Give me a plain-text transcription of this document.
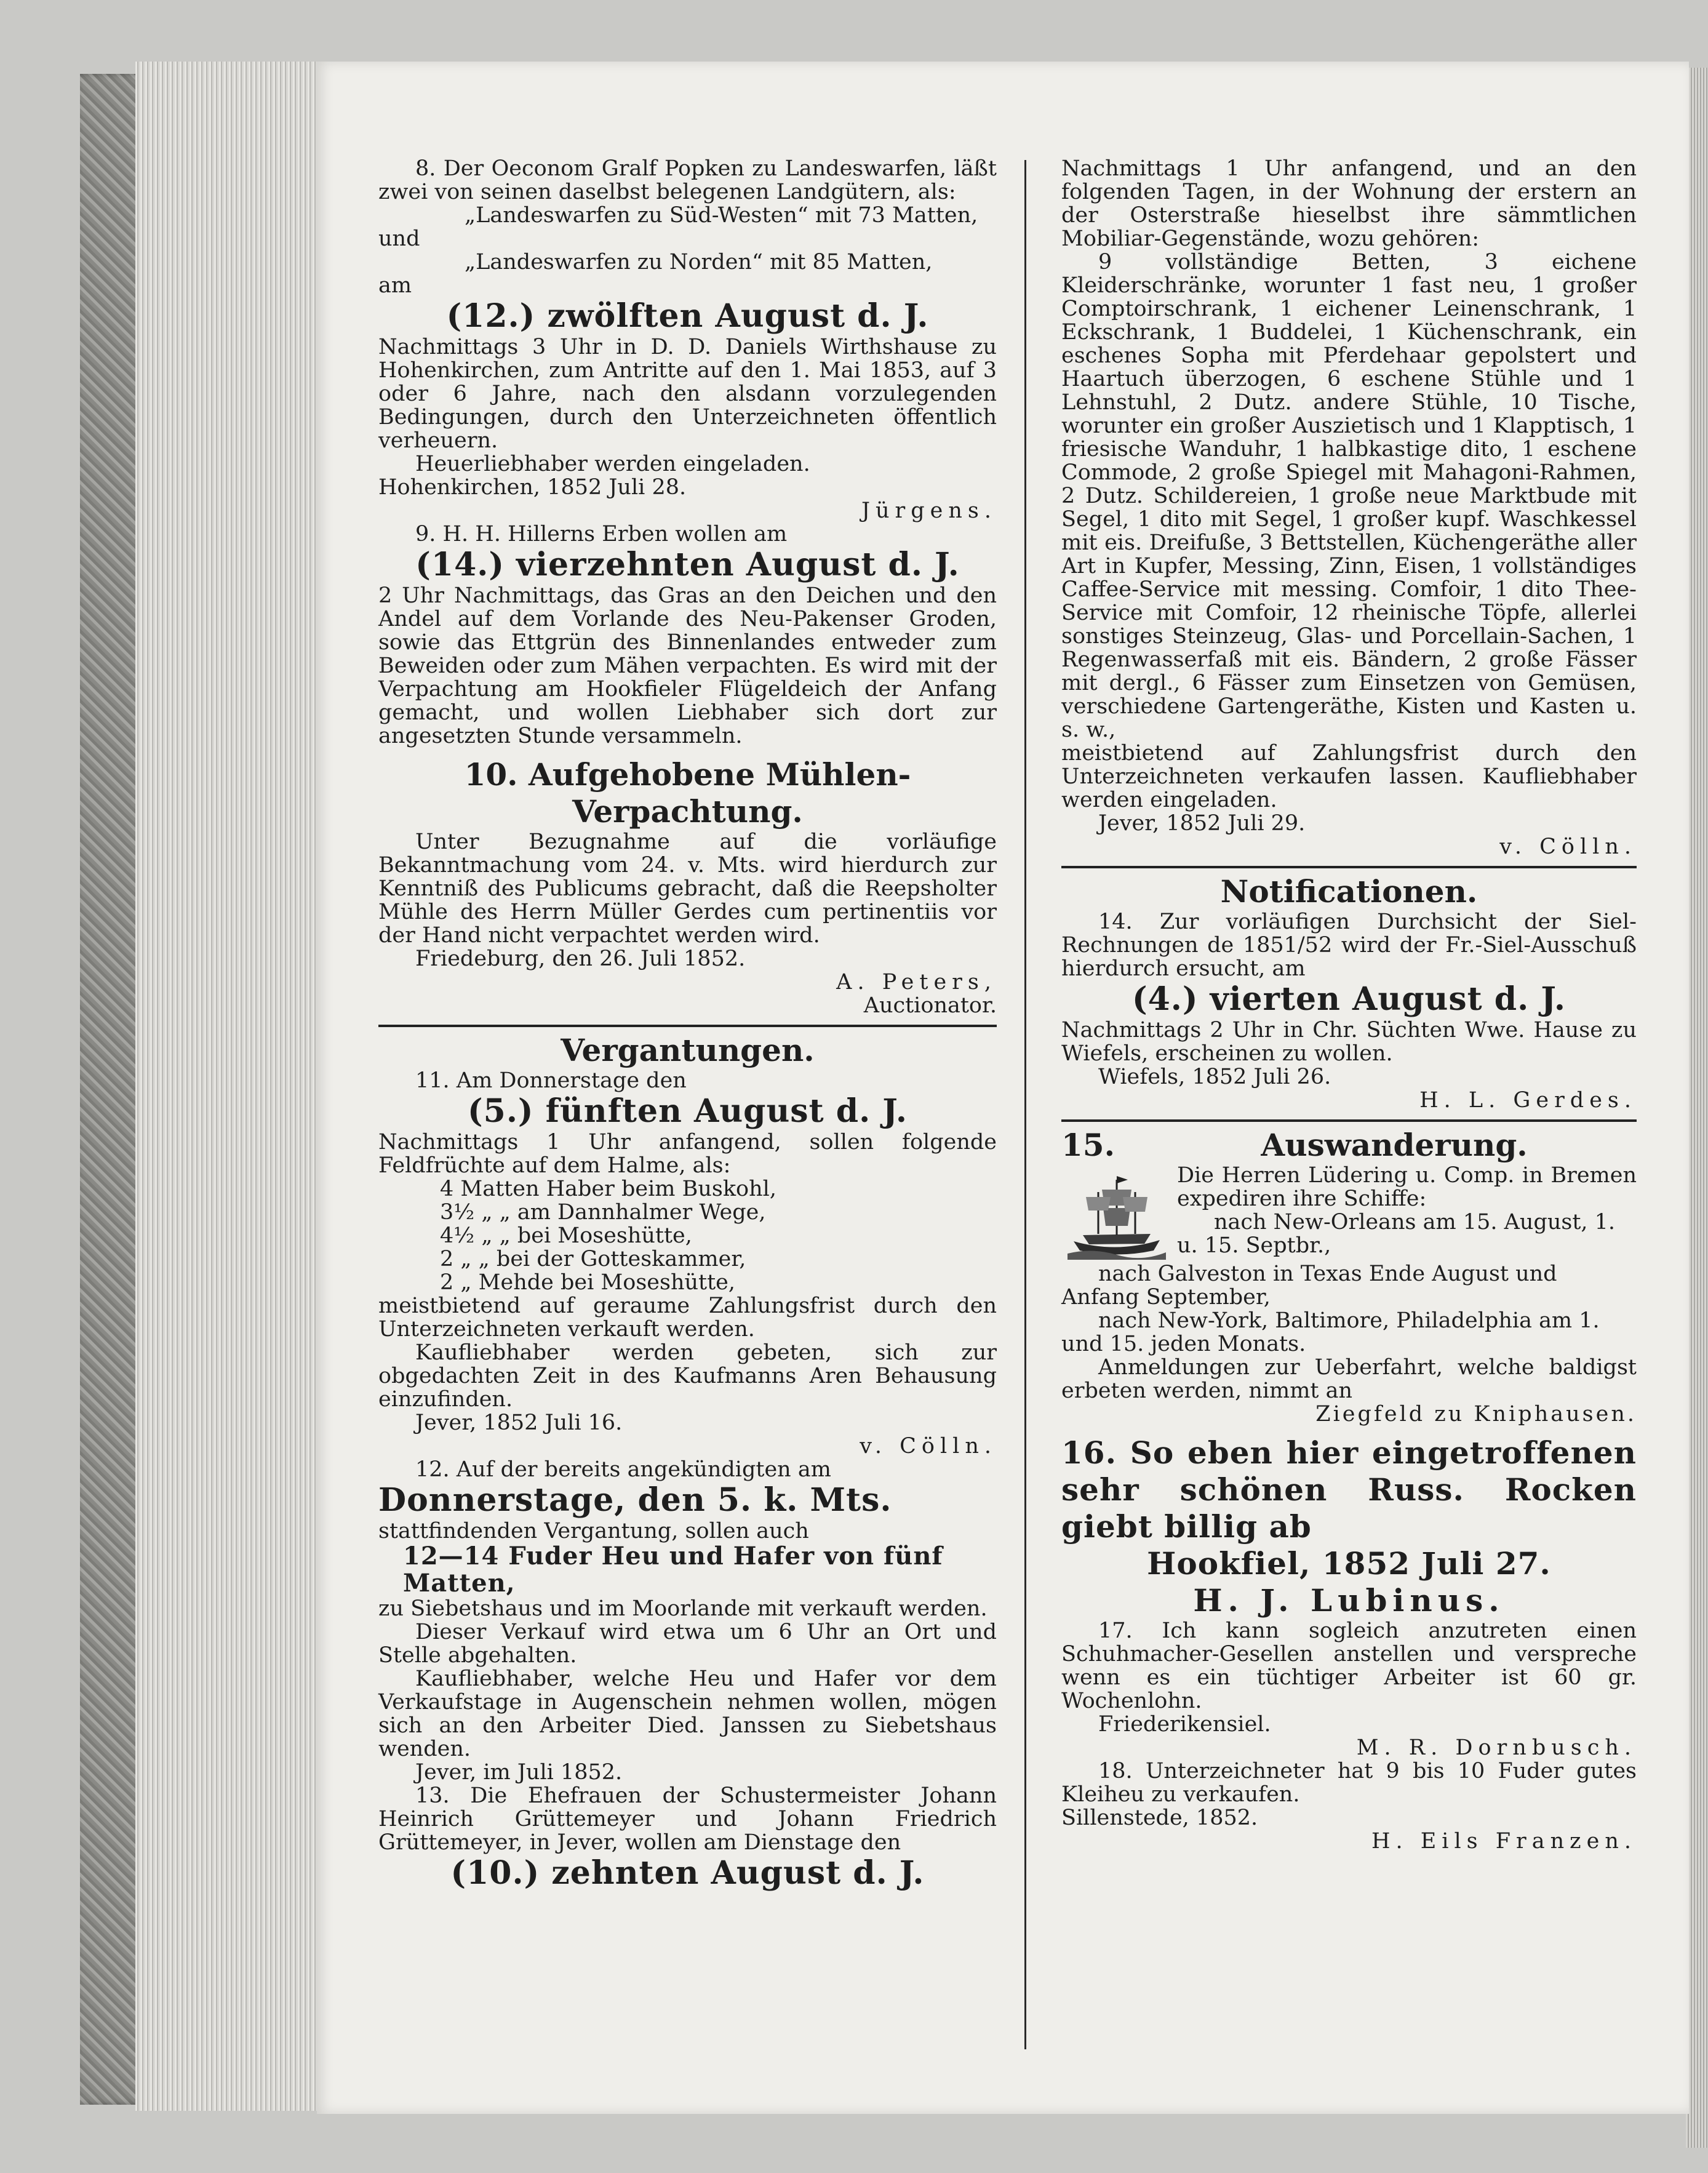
8. Der Oeconom Gralf Popken zu Landeswarfen, läßt zwei von seinen daselbst belegenen Landgütern, als:

„Landeswarfen zu Süd-Westen“ mit 73 Matten,

und

„Landeswarfen zu Norden“ mit 85 Matten,

am

(12.) zwölften August d. J.

Nachmittags 3 Uhr in D. D. Daniels Wirthshause zu Hohenkirchen, zum Antritte auf den 1. Mai 1853, auf 3 oder 6 Jahre, nach den alsdann vorzulegenden Bedingungen, durch den Unterzeichneten öffentlich verheuern.

Heuerliebhaber werden eingeladen.

Hohenkirchen, 1852 Juli 28.

Jürgens.

9. H. H. Hillerns Erben wollen am

(14.) vierzehnten August d. J.

2 Uhr Nachmittags, das Gras an den Deichen und den Andel auf dem Vorlande des Neu-Pakenser Groden, sowie das Ettgrün des Binnenlandes entweder zum Beweiden oder zum Mähen verpachten. Es wird mit der Verpachtung am Hookfieler Flügeldeich der Anfang gemacht, und wollen Liebhaber sich dort zur angesetzten Stunde versammeln.

10. Aufgehobene Mühlen-Verpachtung.

Unter Bezugnahme auf die vorläufige Bekanntmachung vom 24. v. Mts. wird hierdurch zur Kenntniß des Publicums gebracht, daß die Reepsholter Mühle des Herrn Müller Gerdes cum pertinentiis vor der Hand nicht verpachtet werden wird.

Friedeburg, den 26. Juli 1852.

A. Peters,

Auctionator.

Vergantungen.

11. Am Donnerstage den

(5.) fünften August d. J.

Nachmittags 1 Uhr anfangend, sollen folgende Feldfrüchte auf dem Halme, als:

4 Matten Haber beim Buskohl,

3½ „ „ am Dannhalmer Wege,

4½ „ „ bei Moseshütte,

2 „ „ bei der Gotteskammer,

2 „ Mehde bei Moseshütte,

meistbietend auf geraume Zahlungsfrist durch den Unterzeichneten verkauft werden.

Kaufliebhaber werden gebeten, sich zur obgedachten Zeit in des Kaufmanns Aren Behausung einzufinden.

Jever, 1852 Juli 16.

v. Cölln.

12. Auf der bereits angekündigten am

Donnerstage, den 5. k. Mts.

stattfindenden Vergantung, sollen auch

12—14 Fuder Heu und Hafer von fünf Matten,

zu Siebetshaus und im Moorlande mit verkauft werden.

Dieser Verkauf wird etwa um 6 Uhr an Ort und Stelle abgehalten.

Kaufliebhaber, welche Heu und Hafer vor dem Verkaufstage in Augenschein nehmen wollen, mögen sich an den Arbeiter Died. Janssen zu Siebetshaus wenden.

Jever, im Juli 1852.

13. Die Ehefrauen der Schustermeister Johann Heinrich Grüttemeyer und Johann Friedrich Grüttemeyer, in Jever, wollen am Dienstage den

(10.) zehnten August d. J.

Nachmittags 1 Uhr anfangend, und an den folgenden Tagen, in der Wohnung der erstern an der Osterstraße hieselbst ihre sämmtlichen Mobiliar-Gegenstände, wozu gehören:

9 vollständige Betten, 3 eichene Kleiderschränke, worunter 1 fast neu, 1 großer Comptoirschrank, 1 eichener Leinenschrank, 1 Eckschrank, 1 Buddelei, 1 Küchenschrank, ein eschenes Sopha mit Pferdehaar gepolstert und Haartuch überzogen, 6 eschene Stühle und 1 Lehnstuhl, 2 Dutz. andere Stühle, 10 Tische, worunter ein großer Auszietisch und 1 Klapptisch, 1 friesische Wanduhr, 1 halbkastige dito, 1 eschene Commode, 2 große Spiegel mit Mahagoni-Rahmen, 2 Dutz. Schildereien, 1 große neue Marktbude mit Segel, 1 dito mit Segel, 1 großer kupf. Waschkessel mit eis. Dreifuße, 3 Bettstellen, Küchengeräthe aller Art in Kupfer, Messing, Zinn, Eisen, 1 vollständiges Caffee-Service mit messing. Comfoir, 1 dito Thee-Service mit Comfoir, 12 rheinische Töpfe, allerlei sonstiges Steinzeug, Glas- und Porcellain-Sachen, 1 Regenwasserfaß mit eis. Bändern, 2 große Fässer mit dergl., 6 Fässer zum Einsetzen von Gemüsen, verschiedene Gartengeräthe, Kisten und Kasten u. s. w.,

meistbietend auf Zahlungsfrist durch den Unterzeichneten verkaufen lassen. Kaufliebhaber werden eingeladen.

Jever, 1852 Juli 29.

v. Cölln.

Notificationen.

14. Zur vorläufigen Durchsicht der Siel-Rechnungen de 1851/52 wird der Fr.-Siel-Ausschuß hierdurch ersucht, am

(4.) vierten August d. J.

Nachmittags 2 Uhr in Chr. Süchten Wwe. Hause zu Wiefels, erscheinen zu wollen.

Wiefels, 1852 Juli 26.

H. L. Gerdes.

15.	Auswanderung.

Die Herren Lüdering u. Comp. in Bremen expediren ihre Schiffe:

nach New-Orleans am 15. August, 1. u. 15. Septbr.,

nach Galveston in Texas Ende August und Anfang September,

nach New-York, Baltimore, Philadelphia am 1. und 15. jeden Monats.

Anmeldungen zur Ueberfahrt, welche baldigst erbeten werden, nimmt an

Ziegfeld zu Kniphausen.

16. So eben hier eingetroffenen sehr schönen Russ. Rocken giebt billig ab

Hookfiel, 1852 Juli 27.

H. J. Lubinus.

17. Ich kann sogleich anzutreten einen Schuhmacher-Gesellen anstellen und verspreche wenn es ein tüchtiger Arbeiter ist 60 gr. Wochenlohn.

Friederikensiel.

M. R. Dornbusch.

18. Unterzeichneter hat 9 bis 10 Fuder gutes Kleiheu zu verkaufen.

Sillenstede, 1852.

H. Eils Franzen.
